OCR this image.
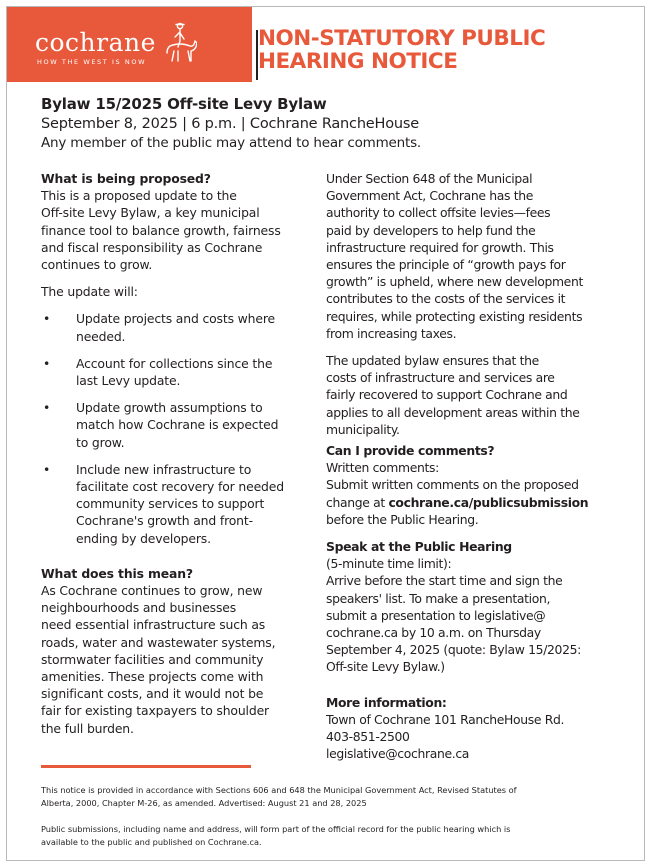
cochrane
HOW THE WEST IS NOW
NON-STATUTORY PUBLIC
HEARING NOTICE
Bylaw 15/2025 Off-site Levy Bylaw
September 8, 2025 | 6 p.m. | Cochrane RancheHouse
Any member of the public may attend to hear comments.

What is being proposed?

This is a proposed update to the

Off-site Levy Bylaw, a key municipal

finance tool to balance growth, fairness

and fiscal responsibility as Cochrane

continues to grow.

The update will:

• Update projects and costs where

needed.

• Account for collections since the

last Levy update.

• Update growth assumptions to

match how Cochrane is expected

to grow.

• Include new infrastructure to

facilitate cost recovery for needed

community services to support

Cochrane's growth and front-

ending by developers.

What does this mean?

As Cochrane continues to grow, new

neighbourhoods and businesses

need essential infrastructure such as

roads, water and wastewater systems,

stormwater facilities and community

amenities. These projects come with

significant costs, and it would not be

fair for existing taxpayers to shoulder

the full burden.

Under Section 648 of the Municipal

Government Act, Cochrane has the

authority to collect offsite levies—fees

paid by developers to help fund the

infrastructure required for growth. This

ensures the principle of “growth pays for

growth” is upheld, where new development

contributes to the costs of the services it

requires, while protecting existing residents

from increasing taxes.

The updated bylaw ensures that the

costs of infrastructure and services are

fairly recovered to support Cochrane and

applies to all development areas within the

municipality.

Can I provide comments?

Written comments:

Submit written comments on the proposed

change at cochrane.ca/publicsubmission

before the Public Hearing.

Speak at the Public Hearing

(5-minute time limit):

Arrive before the start time and sign the

speakers' list. To make a presentation,

submit a presentation to legislative@

cochrane.ca by 10 a.m. on Thursday

September 4, 2025 (quote: Bylaw 15/2025:

Off-site Levy Bylaw.)

More information:

Town of Cochrane 101 RancheHouse Rd.

403-851-2500

legislative@cochrane.ca

This notice is provided in accordance with Sections 606 and 648 the Municipal Government Act, Revised Statutes of
Alberta, 2000, Chapter M-26, as amended. Advertised: August 21 and 28, 2025
Public submissions, including name and address, will form part of the official record for the public hearing which is
available to the public and published on Cochrane.ca.
